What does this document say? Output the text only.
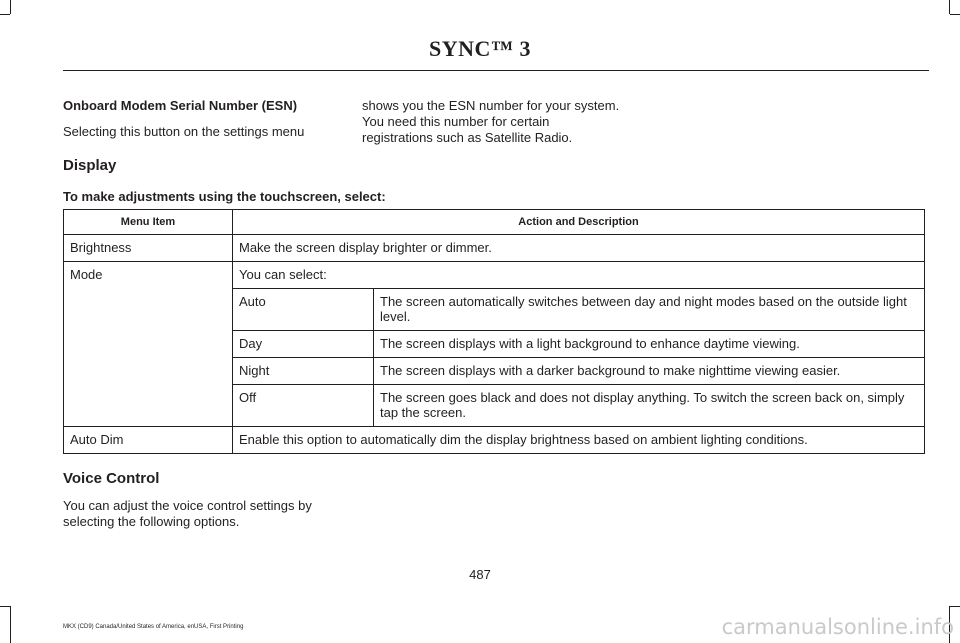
SYNC™ 3
Onboard Modem Serial Number (ESN)
Selecting this button on the settings menu
shows you the ESN number for your system.
You need this number for certain
registrations such as Satellite Radio.
Display
To make adjustments using the touchscreen, select:
Menu Item	Action and Description

Brightness	Make the screen display brighter or dimmer.

Mode	You can select:
Auto	The screen automatically switches between day and night modes based on the outside light level.
Day	The screen displays with a light background to enhance daytime viewing.
Night	The screen displays with a darker background to make nighttime viewing easier.
Off	The screen goes black and does not display anything. To switch the screen back on, simply tap the screen.

Auto Dim	Enable this option to automatically dim the display brightness based on ambient lighting conditions.
Voice Control
You can adjust the voice control settings by
selecting the following options.
487
MKX (CD9) Canada/United States of America, enUSA, First Printing	carmanualsonline.info
